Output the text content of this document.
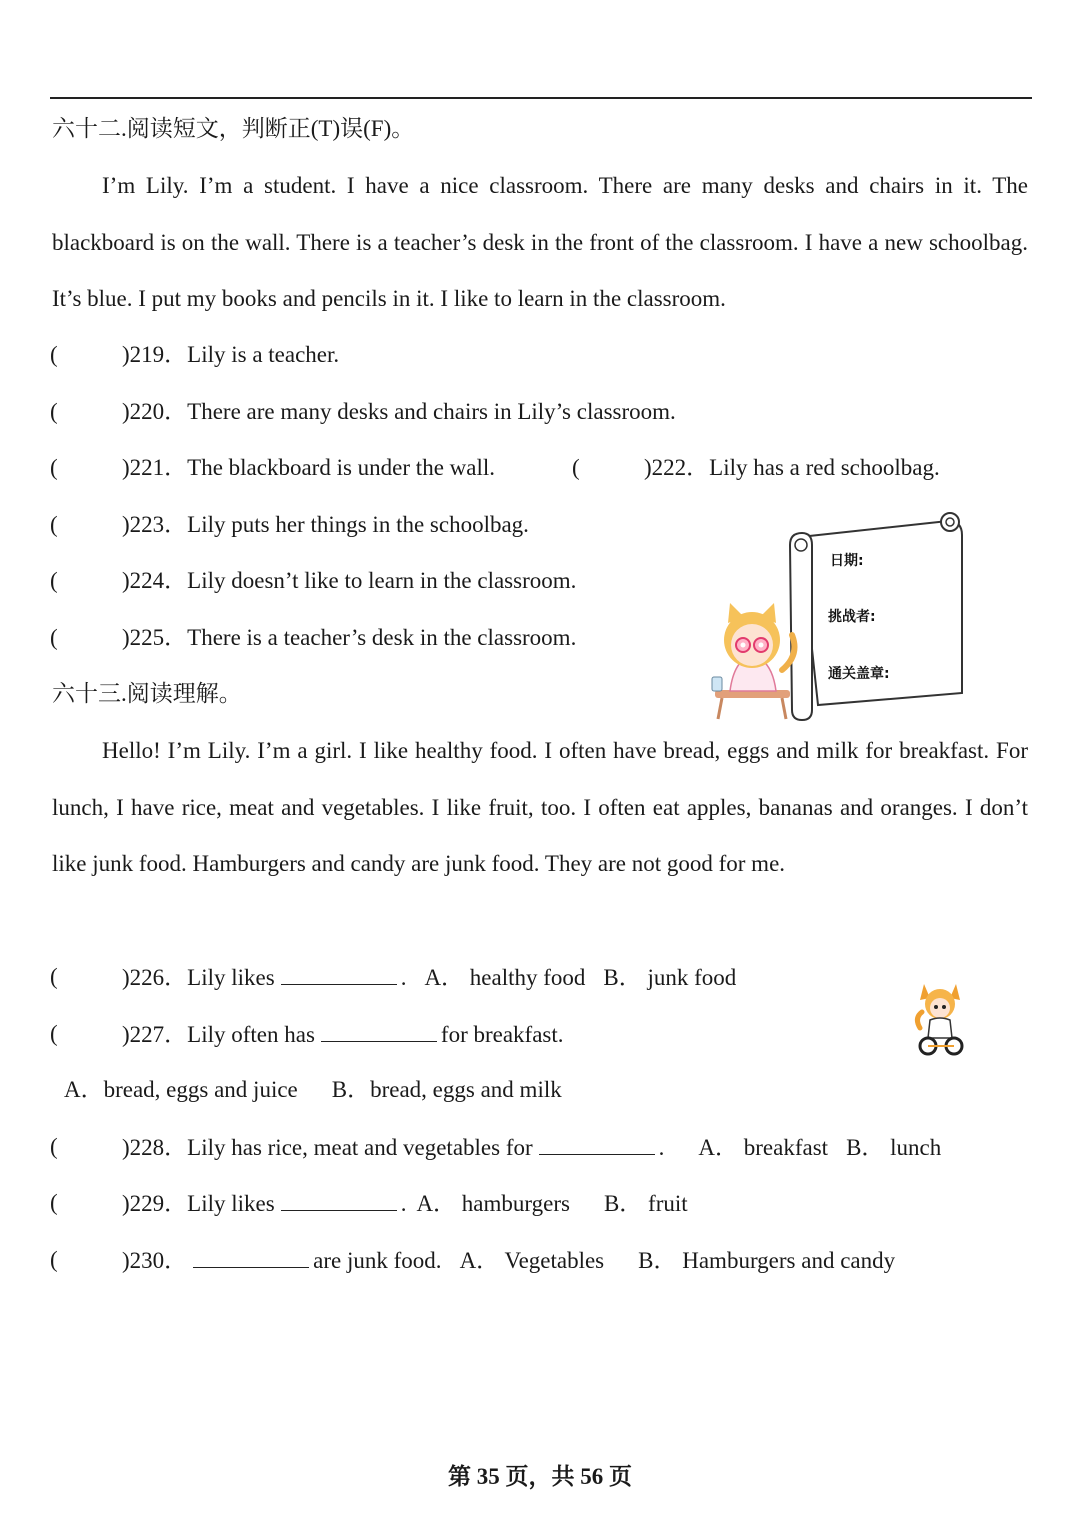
六十二.阅读短文，判断正(T)误(F)。

I’m Lily. I’m a student. I have a nice classroom. There are many desks and chairs in it. The blackboard is on the wall. There is a teacher’s desk in the front of the classroom. I have a new schoolbag. It’s blue. I put my books and pencils in it. I like to learn in the classroom.

(	)219．Lily is a teacher.
(	)220．There are many desks and chairs in Lily’s classroom.
(	)221．The blackboard is under the wall.	(	)222．Lily has a red schoolbag.
(	)223．Lily puts her things in the schoolbag.
(	)224．Lily doesn’t like to learn in the classroom.
(	)225．There is a teacher’s desk in the classroom.
日期:
挑战者:
通关盖章:
六十三.阅读理解。

Hello! I’m Lily. I’m a girl. I like healthy food. I often have bread, eggs and milk for breakfast. For lunch, I have rice, meat and vegetables. I like fruit, too. I often eat apples, bananas and oranges. I don’t like junk food. Hamburgers and candy are junk food. They are not good for me.

(	)226．Lily likes	. A． healthy food B． junk food
(	)227．Lily often has	for breakfast.
A．bread, eggs and juice B．bread, eggs and milk
(	)228．Lily has rice, meat and vegetables for	. A． breakfast B． lunch
(	)229．Lily likes	. A． hamburgers B． fruit
(	)230．	are junk food. A． Vegetables B． Hamburgers and candy
第 35 页，共 56 页
